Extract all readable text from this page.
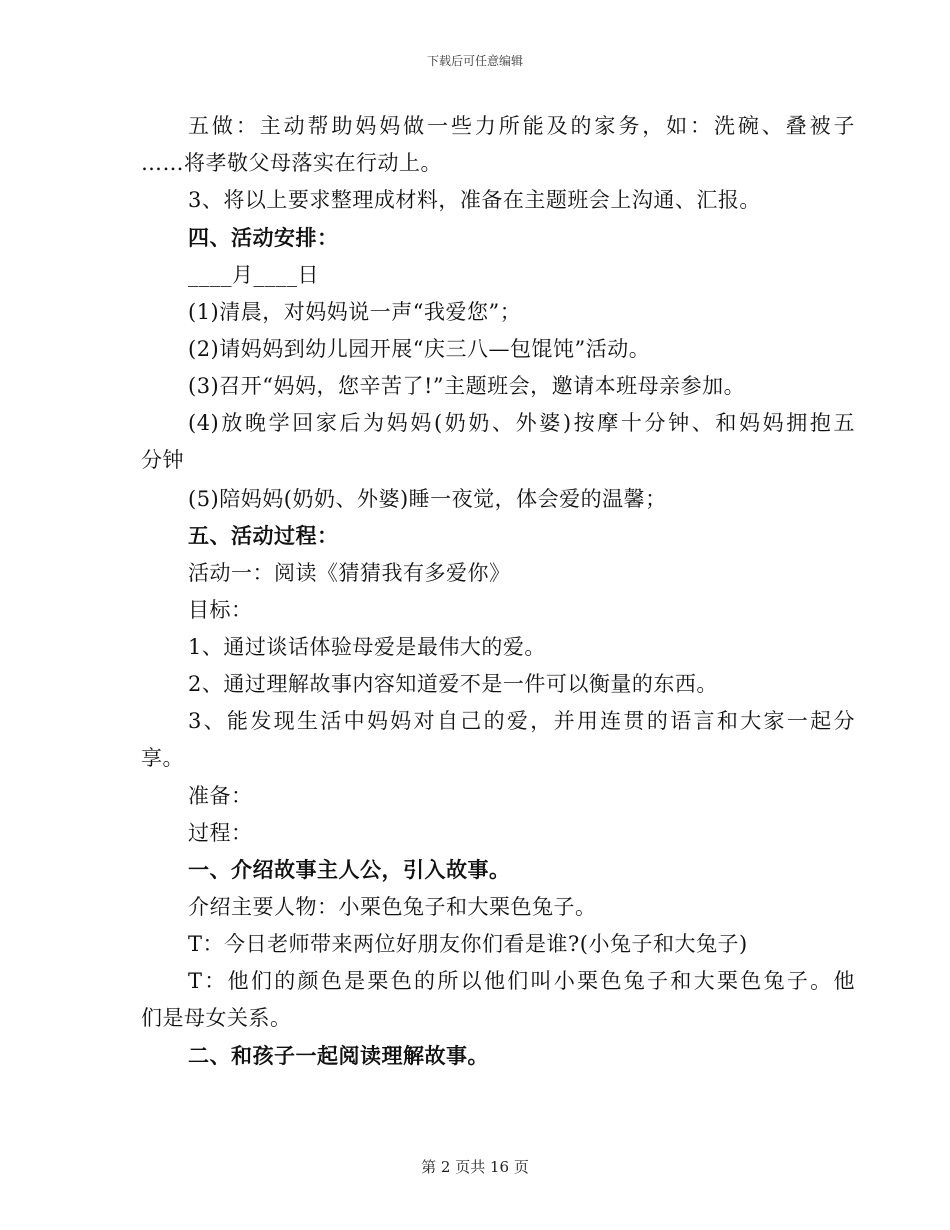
下载后可任意编辑
五做：主动帮助妈妈做一些力所能及的家务，如：洗碗、叠被子
……将孝敬父母落实在行动上。
3、将以上要求整理成材料，准备在主题班会上沟通、汇报。
四、活动安排：
____月____日
(1)清晨，对妈妈说一声“我爱您”；
(2)请妈妈到幼儿园开展“庆三八—包馄饨”活动。
(3)召开“妈妈，您辛苦了!”主题班会，邀请本班母亲参加。
(4)放晚学回家后为妈妈(奶奶、外婆)按摩十分钟、和妈妈拥抱五
分钟
(5)陪妈妈(奶奶、外婆)睡一夜觉，体会爱的温馨；
五、活动过程：
活动一：阅读《猜猜我有多爱你》
目标：
1、通过谈话体验母爱是最伟大的爱。
2、通过理解故事内容知道爱不是一件可以衡量的东西。
3、能发现生活中妈妈对自己的爱，并用连贯的语言和大家一起分
享。
准备：
过程：
一、介绍故事主人公，引入故事。
介绍主要人物：小栗色兔子和大栗色兔子。
T：今日老师带来两位好朋友你们看是谁?(小兔子和大兔子)
T：他们的颜色是栗色的所以他们叫小栗色兔子和大栗色兔子。他
们是母女关系。
二、和孩子一起阅读理解故事。
第 2 页共 16 页
